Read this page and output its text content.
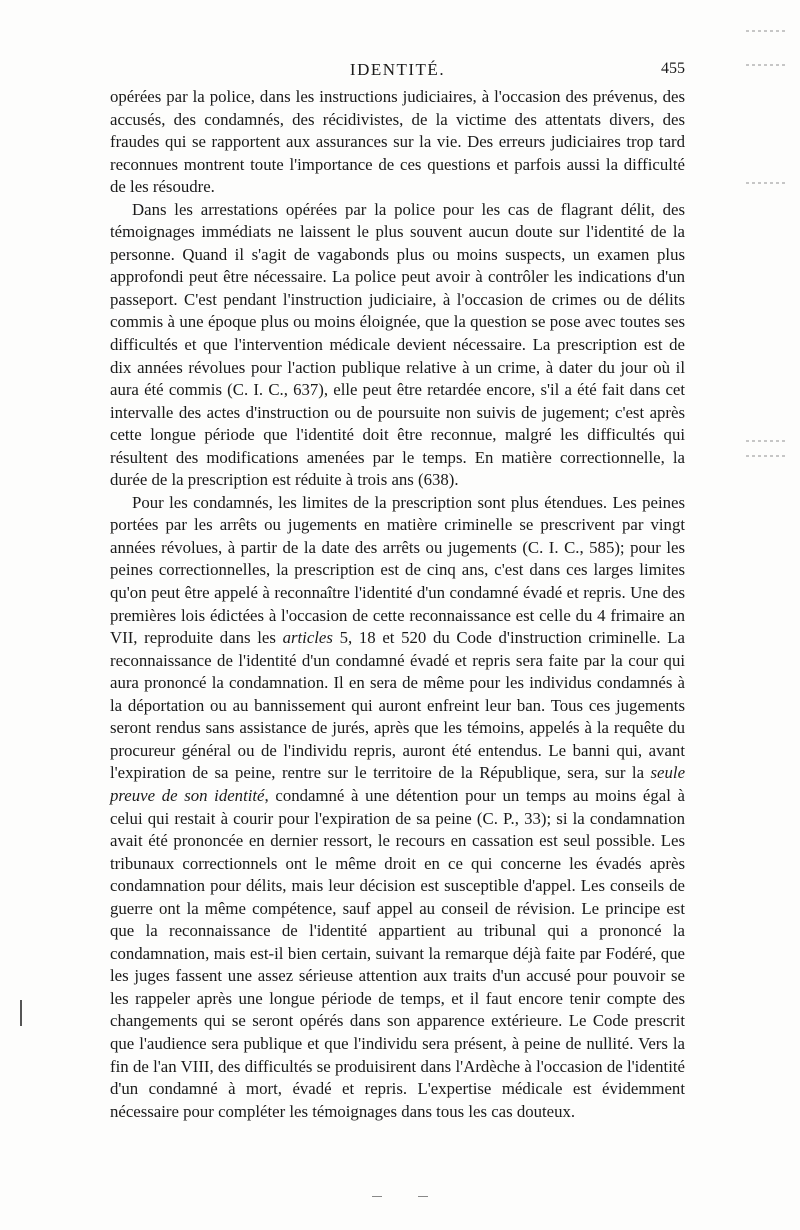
IDENTITÉ.	455

opérées par la police, dans les instructions judiciaires, à l'occasion des prévenus, des accusés, des condamnés, des récidivistes, de la victime des attentats divers, des fraudes qui se rapportent aux assurances sur la vie. Des erreurs judiciaires trop tard reconnues montrent toute l'importance de ces questions et parfois aussi la difficulté de les résoudre.

Dans les arrestations opérées par la police pour les cas de flagrant délit, des témoignages immédiats ne laissent le plus souvent aucun doute sur l'identité de la personne. Quand il s'agit de vagabonds plus ou moins suspects, un examen plus approfondi peut être nécessaire. La police peut avoir à contrôler les indications d'un passeport. C'est pendant l'instruction judiciaire, à l'occasion de crimes ou de délits commis à une époque plus ou moins éloignée, que la question se pose avec toutes ses difficultés et que l'intervention médicale devient nécessaire. La prescription est de dix années révolues pour l'action publique relative à un crime, à dater du jour où il aura été commis (C. I. C., 637), elle peut être retardée encore, s'il a été fait dans cet intervalle des actes d'instruction ou de poursuite non suivis de jugement; c'est après cette longue période que l'identité doit être reconnue, malgré les difficultés qui résultent des modifications amenées par le temps. En matière correctionnelle, la durée de la prescription est réduite à trois ans (638).

Pour les condamnés, les limites de la prescription sont plus étendues. Les peines portées par les arrêts ou jugements en matière criminelle se prescrivent par vingt années révolues, à partir de la date des arrêts ou jugements (C. I. C., 585); pour les peines correctionnelles, la prescription est de cinq ans, c'est dans ces larges limites qu'on peut être appelé à reconnaître l'identité d'un condamné évadé et repris. Une des premières lois édictées à l'occasion de cette reconnaissance est celle du 4 frimaire an VII, reproduite dans les articles 5, 18 et 520 du Code d'instruction criminelle. La reconnaissance de l'identité d'un condamné évadé et repris sera faite par la cour qui aura prononcé la condamnation. Il en sera de même pour les individus condamnés à la déportation ou au bannissement qui auront enfreint leur ban. Tous ces jugements seront rendus sans assistance de jurés, après que les témoins, appelés à la requête du procureur général ou de l'individu repris, auront été entendus. Le banni qui, avant l'expiration de sa peine, rentre sur le territoire de la République, sera, sur la seule preuve de son identité, condamné à une détention pour un temps au moins égal à celui qui restait à courir pour l'expiration de sa peine (C. P., 33); si la condamnation avait été prononcée en dernier ressort, le recours en cassation est seul possible. Les tribunaux correctionnels ont le même droit en ce qui concerne les évadés après condamnation pour délits, mais leur décision est susceptible d'appel. Les conseils de guerre ont la même compétence, sauf appel au conseil de révision. Le principe est que la reconnaissance de l'identité appartient au tribunal qui a prononcé la condamnation, mais est-il bien certain, suivant la remarque déjà faite par Fodéré, que les juges fassent une assez sérieuse attention aux traits d'un accusé pour pouvoir se les rappeler après une longue période de temps, et il faut encore tenir compte des changements qui se seront opérés dans son apparence extérieure. Le Code prescrit que l'audience sera publique et que l'individu sera présent, à peine de nullité. Vers la fin de l'an VIII, des difficultés se produisirent dans l'Ardèche à l'occasion de l'identité d'un condamné à mort, évadé et repris. L'expertise médicale est évidemment nécessaire pour compléter les témoignages dans tous les cas douteux.
